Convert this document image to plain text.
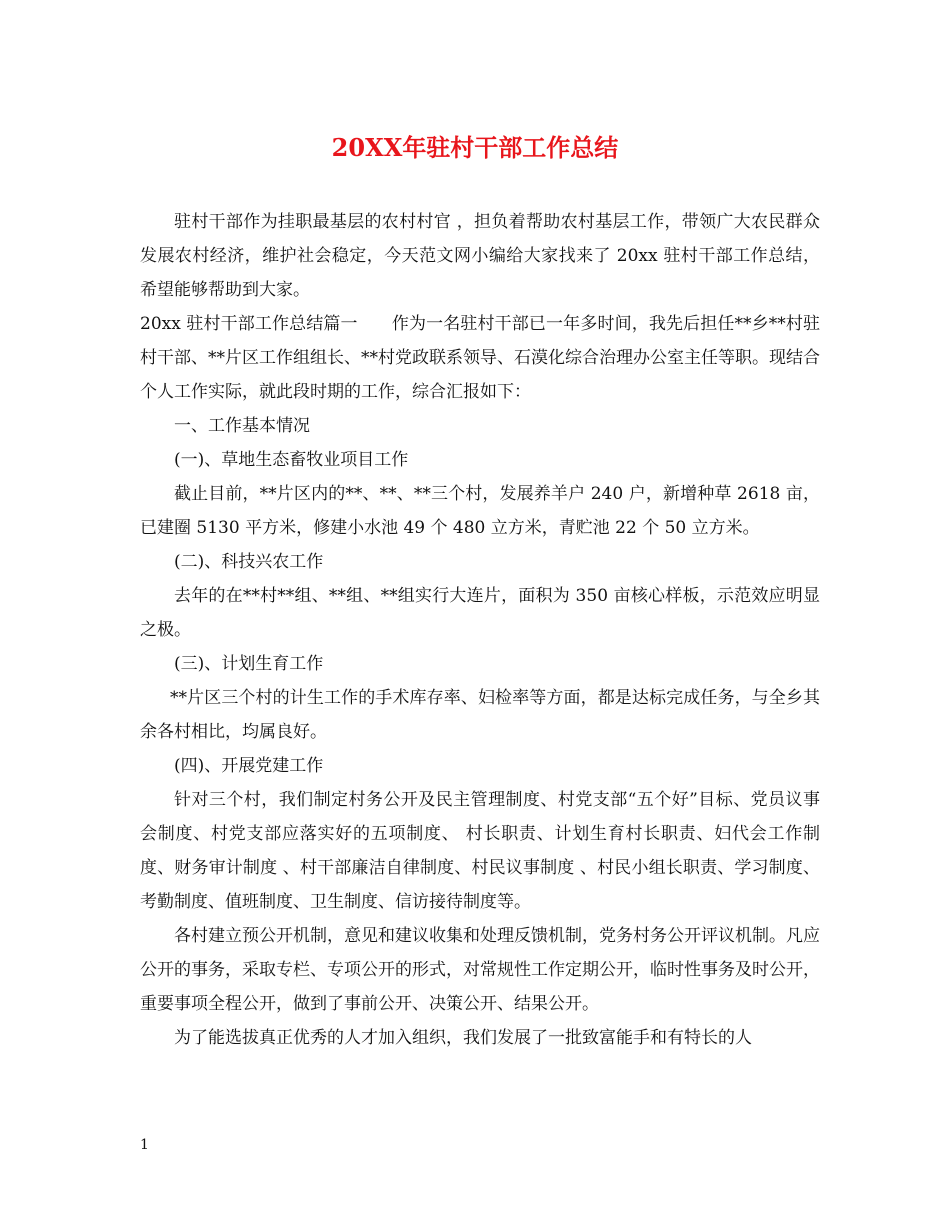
20XX年驻村干部工作总结

驻村干部作为挂职最基层的农村村官 ，担负着帮助农村基层工作，带领广大农民群众发展农村经济，维护社会稳定，今天范文网小编给大家找来了 20xx 驻村干部工作总结，希望能够帮助到大家。

20xx 驻村干部工作总结篇一　　作为一名驻村干部已一年多时间，我先后担任**乡**村驻村干部、**片区工作组组长、**村党政联系领导、石漠化综合治理办公室主任等职。现结合个人工作实际，就此段时期的工作，综合汇报如下：

一、工作基本情况

(一)、草地生态畜牧业项目工作

截止目前，**片区内的**、**、**三个村，发展养羊户 240 户，新增种草 2618 亩，已建圈 5130 平方米，修建小水池 49 个 480 立方米，青贮池 22 个 50 立方米。

(二)、科技兴农工作

去年的在**村**组、**组、**组实行大连片，面积为 350 亩核心样板，示范效应明显之极。

(三)、计划生育工作

**片区三个村的计生工作的手术库存率、妇检率等方面，都是达标完成任务，与全乡其余各村相比，均属良好。

(四)、开展党建工作

针对三个村，我们制定村务公开及民主管理制度、村党支部“五个好”目标、党员议事会制度、村党支部应落实好的五项制度、 村长职责、计划生育村长职责、妇代会工作制度、财务审计制度 、村干部廉洁自律制度、村民议事制度 、村民小组长职责、学习制度、考勤制度、值班制度、卫生制度、信访接待制度等。

各村建立预公开机制，意见和建议收集和处理反馈机制，党务村务公开评议机制。凡应公开的事务，采取专栏、专项公开的形式，对常规性工作定期公开，临时性事务及时公开，重要事项全程公开，做到了事前公开、决策公开、结果公开。

为了能选拔真正优秀的人才加入组织，我们发展了一批致富能手和有特长的人

1
